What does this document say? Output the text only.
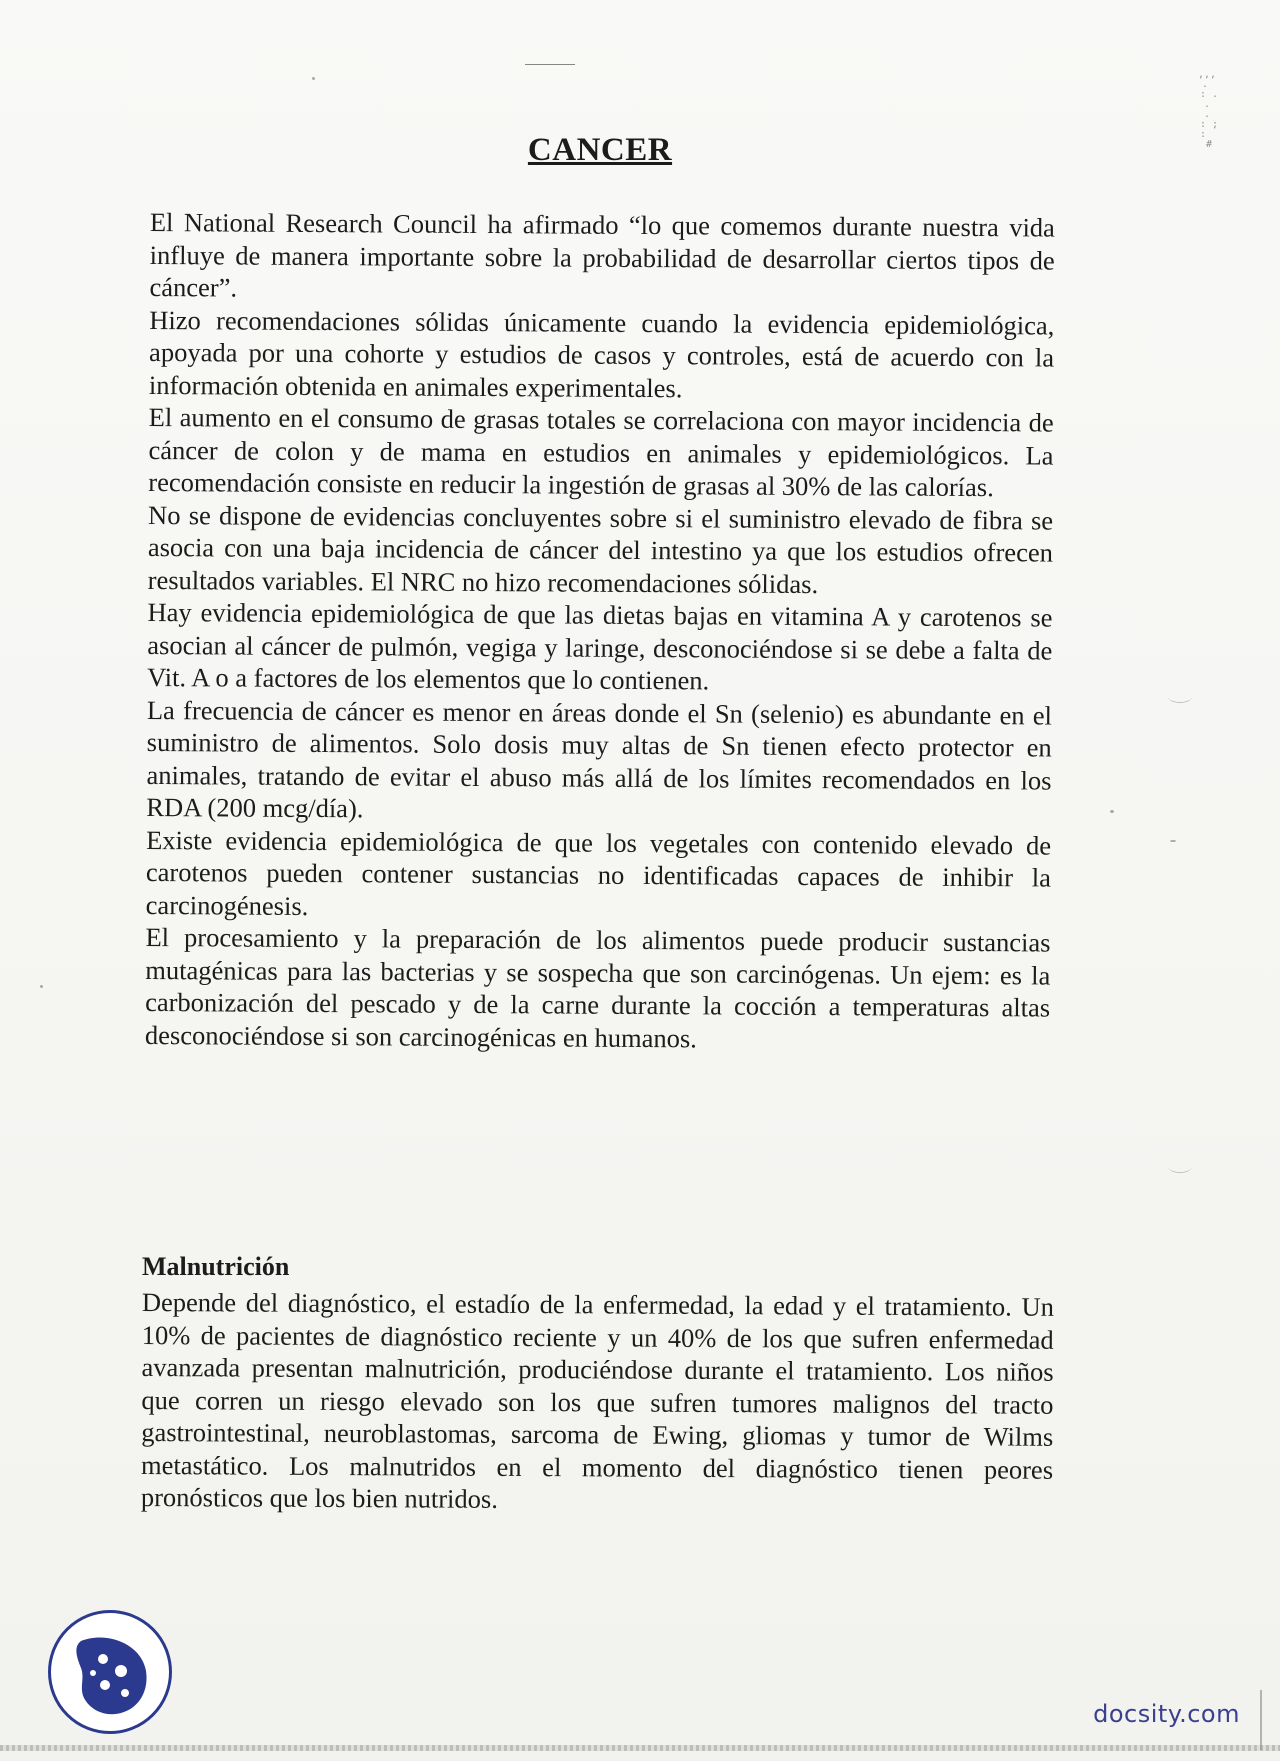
,,,
.
: .
. .
: ; :
#
CANCER

El National Research Council ha afirmado “lo que comemos durante nuestra vida influye de manera importante sobre la probabilidad de desarrollar ciertos tipos de cáncer”.

Hizo recomendaciones sólidas únicamente cuando la evidencia epidemiológica, apoyada por una cohorte y estudios de casos y controles, está de acuerdo con la información obtenida en animales experimentales.

El aumento en el consumo de grasas totales se correlaciona con mayor incidencia de cáncer de colon y de mama en estudios en animales y epidemiológicos. La recomendación consiste en reducir la ingestión de grasas al 30% de las calorías.

No se dispone de evidencias concluyentes sobre si el suministro elevado de fibra se asocia con una baja incidencia de cáncer del intestino ya que los estudios ofrecen resultados variables. El NRC no hizo recomendaciones sólidas.

Hay evidencia epidemiológica de que las dietas bajas en vitamina A y carotenos se asocian al cáncer de pulmón, vegiga y laringe, desconociéndose si se debe a falta de Vit. A o a factores de los elementos que lo contienen.

La frecuencia de cáncer es menor en áreas donde el Sn (selenio) es abundante en el suministro de alimentos. Solo dosis muy altas de Sn tienen efecto protector en animales, tratando de evitar el abuso más allá de los límites recomendados en los RDA (200 mcg/día).

Existe evidencia epidemiológica de que los vegetales con contenido elevado de carotenos pueden contener sustancias no identificadas capaces de inhibir la carcinogénesis.

El procesamiento y la preparación de los alimentos puede producir sustancias mutagénicas para las bacterias y se sospecha que son carcinógenas. Un ejem: es la carbonización del pescado y de la carne durante la cocción a temperaturas altas desconociéndose si son carcinogénicas en humanos.

Malnutrición

Depende del diagnóstico, el estadío de la enfermedad, la edad y el tratamiento. Un 10% de pacientes de diagnóstico reciente y un 40% de los que sufren enfermedad avanzada presentan malnutrición, produciéndose durante el tratamiento. Los niños que corren un riesgo elevado son los que sufren tumores malignos del tracto gastrointestinal, neuroblastomas, sarcoma de Ewing, gliomas y tumor de Wilms metastático. Los malnutridos en el momento del diagnóstico tienen peores pronósticos que los bien nutridos.

docsity.com
